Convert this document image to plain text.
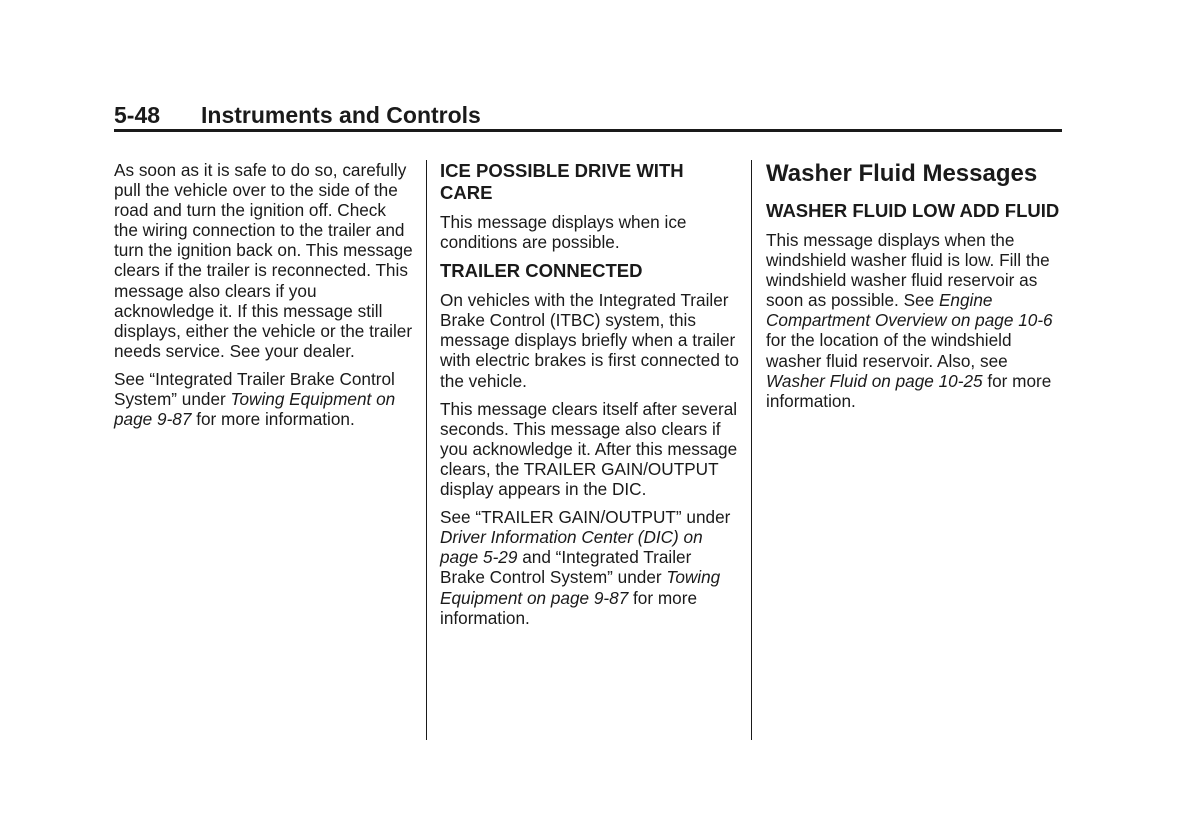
5-48 Instruments and Controls

As soon as it is safe to do so, carefully pull the vehicle over to the side of the road and turn the ignition off. Check the wiring connection to the trailer and turn the ignition back on. This message clears if the trailer is reconnected. This message also clears if you acknowledge it. If this message still displays, either the vehicle or the trailer needs service. See your dealer.

See “Integrated Trailer Brake Control System” under Towing Equipment on page 9‑87 for more information.

ICE POSSIBLE DRIVE WITH CARE

This message displays when ice conditions are possible.

TRAILER CONNECTED

On vehicles with the Integrated Trailer Brake Control (ITBC) system, this message displays briefly when a trailer with electric brakes is first connected to the vehicle.

This message clears itself after several seconds. This message also clears if you acknowledge it. After this message clears, the TRAILER GAIN/OUTPUT display appears in the DIC.

See “TRAILER GAIN/OUTPUT” under Driver Information Center (DIC) on page 5‑29 and “Integrated Trailer Brake Control System” under Towing Equipment on page 9‑87 for more information.

Washer Fluid Messages
WASHER FLUID LOW ADD FLUID

This message displays when the windshield washer fluid is low. Fill the windshield washer fluid reservoir as soon as possible. See Engine Compartment Overview on page 10‑6 for the location of the windshield washer fluid reservoir. Also, see Washer Fluid on page 10‑25 for more information.
